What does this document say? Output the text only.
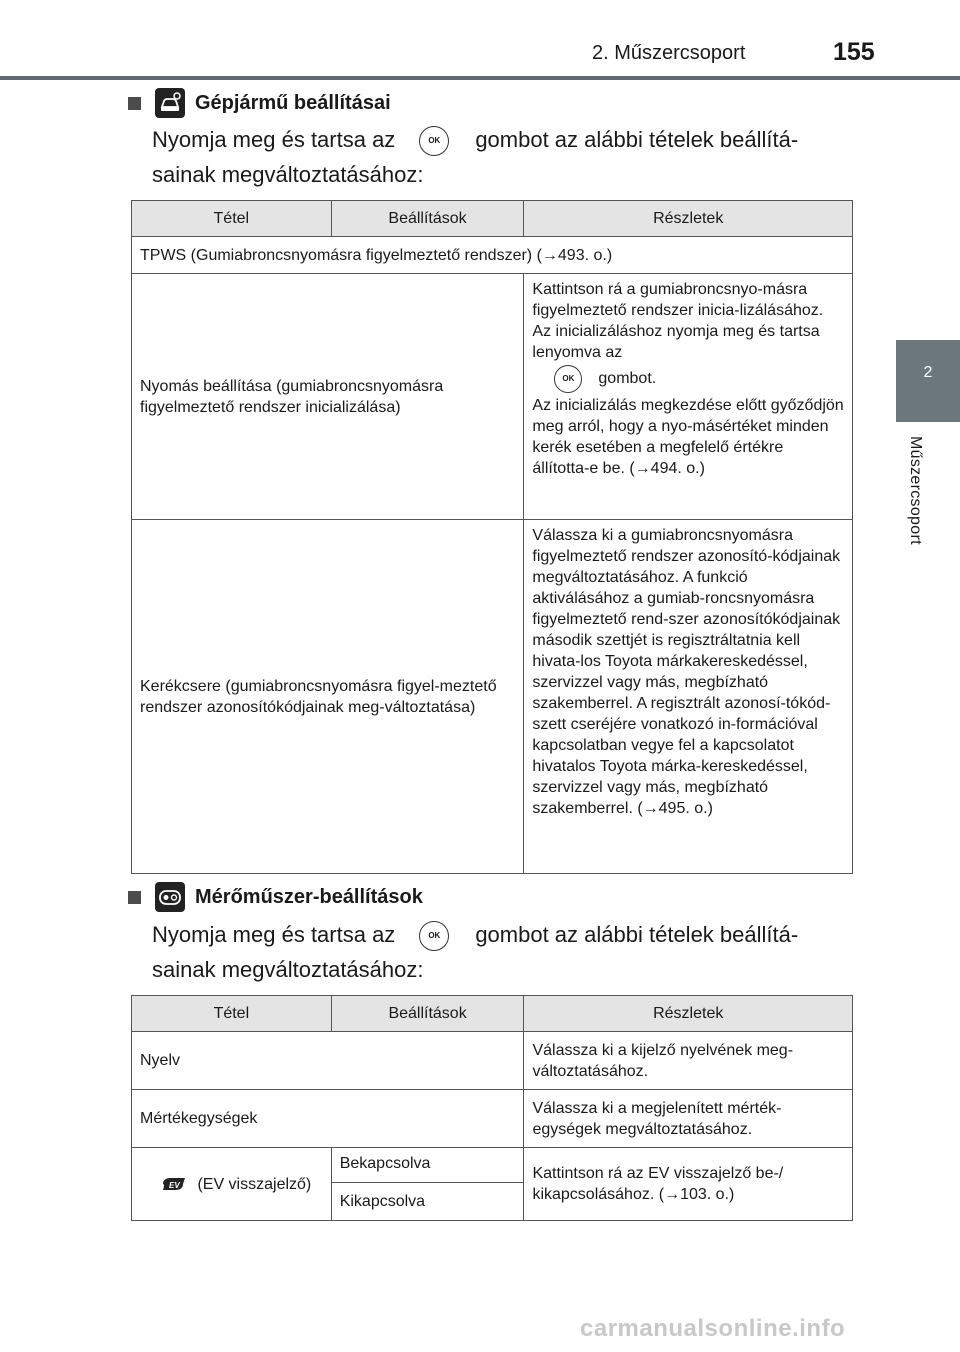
2. Műszercsoport	155
2
Műszercsoport
Gépjármű beállításai
Nyomja meg és tartsa az	OK gombot az alábbi tételek beállítá-sainak megváltoztatásához:
Tétel	Beállítások	Részletek
TPWS (Gumiabroncsnyomásra figyelmeztető rendszer) (→493. o.)		
Nyomás beállítása (gumiabroncsnyomásra figyelmeztető rendszer inicializálása)		Kattintson rá a gumiabroncsnyo-másra figyelmeztető rendszer inicia-lizálásához. Az inicializáláshoz nyomja meg és tartsa lenyomva az
OK gombot.
Az inicializálás megkezdése előtt győződjön meg arról, hogy a nyo-másértéket minden kerék esetében a megfelelő értékre állította-e be. (→494. o.)

Kerékcsere (gumiabroncsnyomásra figyel-meztető rendszer azonosítókódjainak meg-változtatása)		Válassza ki a gumiabroncsnyomásra figyelmeztető rendszer azonosító-kódjainak megváltoztatásához. A funkció aktiválásához a gumiab-roncsnyomásra figyelmeztető rend-szer azonosítókódjainak második szettjét is regisztráltatnia kell hivata-los Toyota márkakereskedéssel, szervizzel vagy más, megbízható szakemberrel. A regisztrált azonosí-tókód-szett cseréjére vonatkozó in-formációval kapcsolatban vegye fel a kapcsolatot hivatalos Toyota márka-kereskedéssel, szervizzel vagy más, megbízható szakemberrel. (→495. o.)
Mérőműszer-beállítások
Nyomja meg és tartsa az	OK gombot az alábbi tételek beállítá-sainak megváltoztatásához:
Tétel	Beállítások	Részletek
Nyelv		Válassza ki a kijelző nyelvének meg-változtatásához.
Mértékegységek		Válassza ki a megjelenített mérték-egységek megváltoztatásához.

EV (EV visszajelző)	Bekapcsolva	Kattintson rá az EV visszajelző be-/ kikapcsolásához. (→103. o.)
	Kikapcsolva	
carmanualsonline.info
